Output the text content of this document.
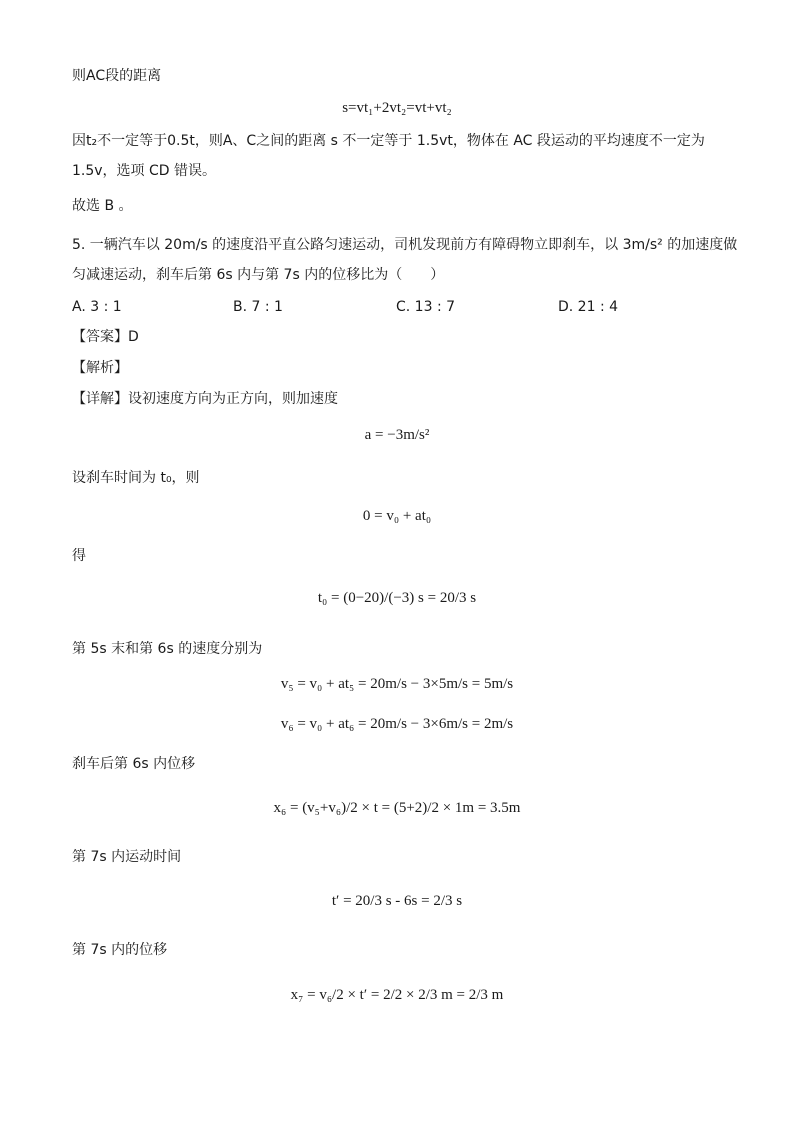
则AC段的距离
s=vt₁+2vt₂=vt+vt₂
因t₂不一定等于0.5t，则A、C之间的距离 s 不一定等于 1.5vt，物体在 AC 段运动的平均速度不一定为
1.5v，选项 CD 错误。
故选 B 。
5. 一辆汽车以 20m/s 的速度沿平直公路匀速运动，司机发现前方有障碍物立即刹车，以 3m/s² 的加速度做
匀减速运动，刹车后第 6s 内与第 7s 内的位移比为（　　）
A. 3 : 1	B. 7 : 1	C. 13 : 7	D. 21 : 4
【答案】D
【解析】
【详解】设初速度方向为正方向，则加速度
a = −3m/s²
设刹车时间为 t₀，则
0 = v₀ + at₀
得
t₀ = (0−20)/(−3) s = 20/3 s
第 5s 末和第 6s 的速度分别为
v₅ = v₀ + at₅ = 20m/s − 3×5m/s = 5m/s
v₆ = v₀ + at₆ = 20m/s − 3×6m/s = 2m/s
刹车后第 6s 内位移
x₆ = (v₅+v₆)/2 × t = (5+2)/2 × 1m = 3.5m
第 7s 内运动时间
t′ = 20/3 s - 6s = 2/3 s
第 7s 内的位移
x₇ = v₆/2 × t′ = 2/2 × 2/3 m = 2/3 m
